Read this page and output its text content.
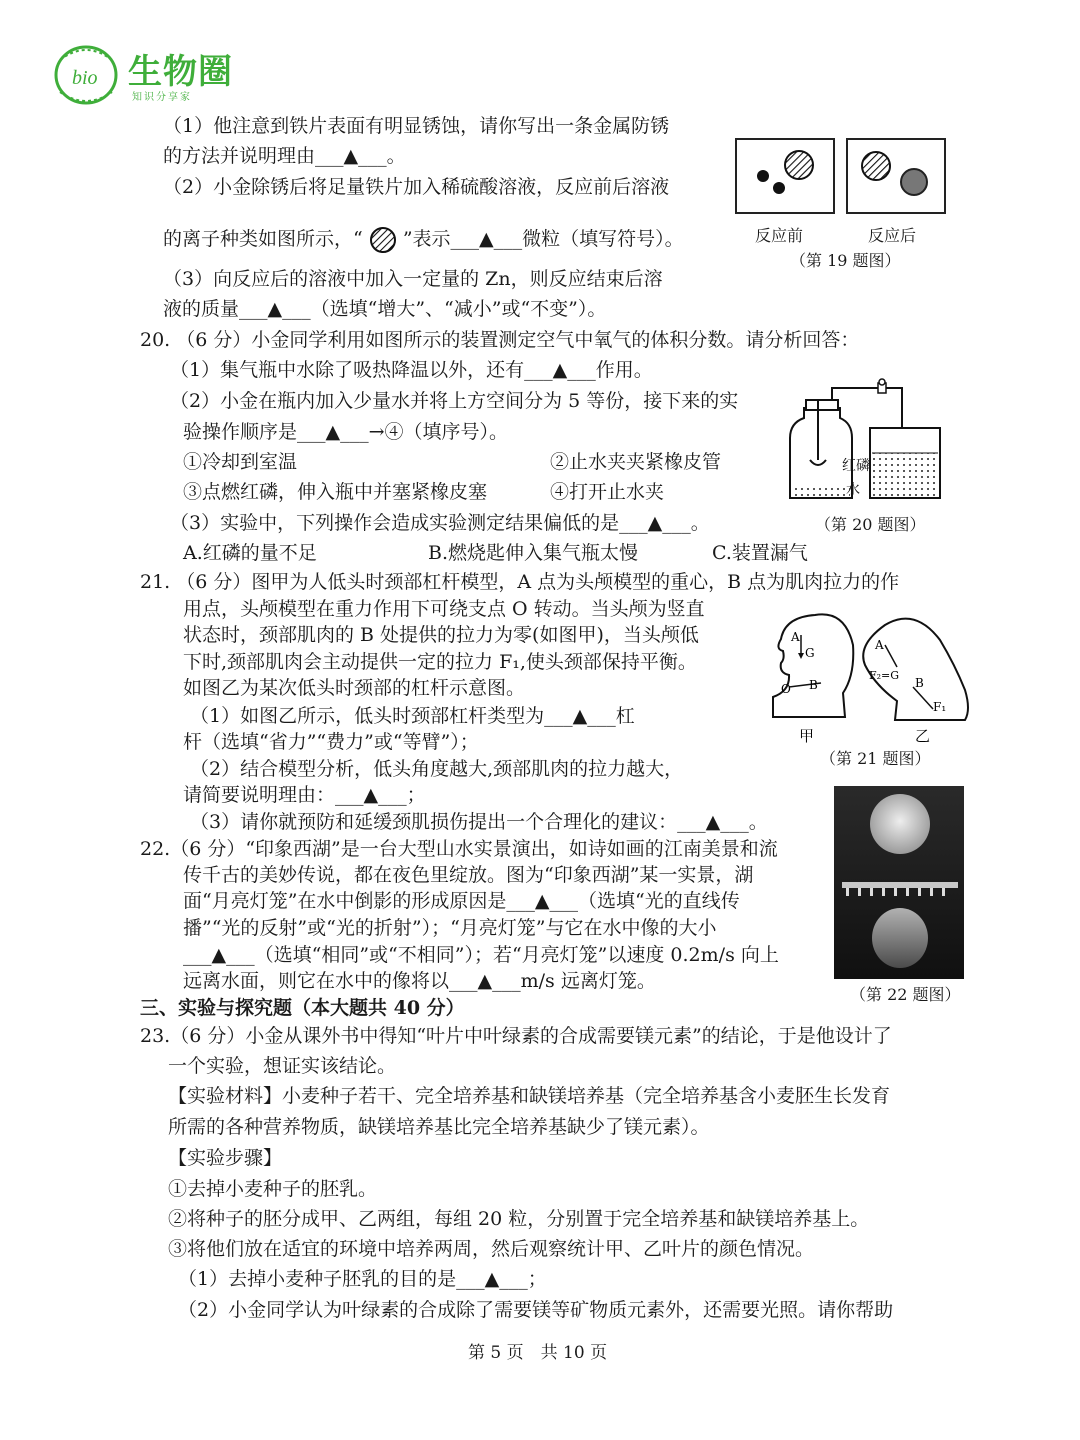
bio 生物圈
知识分享家
（1）他注意到铁片表面有明显锈蚀，请你写出一条金属防锈
的方法并说明理由___▲___。
（2）小金除锈后将足量铁片加入稀硫酸溶液，反应前后溶液
的离子种类如图所示，“ ”表示___▲___微粒（填写符号）。
（3）向反应后的溶液中加入一定量的 Zn，则反应结束后溶
液的质量___▲___（选填“增大”、“减小”或“不变”）。
反应前	反应后
（第 19 题图）
20. （6 分）小金同学利用如图所示的装置测定空气中氧气的体积分数。请分析回答：
（1）集气瓶中水除了吸热降温以外，还有___▲___作用。
（2）小金在瓶内加入少量水并将上方空间分为 5 等份，接下来的实
验操作顺序是___▲___→④（填序号）。
①冷却到室温	②止水夹夹紧橡皮管
③点燃红磷，伸入瓶中并塞紧橡皮塞	④打开止水夹
（3）实验中，下列操作会造成实验测定结果偏低的是___▲___。
A.红磷的量不足	B.燃烧匙伸入集气瓶太慢	C.装置漏气
红磷
水
（第 20 题图）
21. （6 分）图甲为人低头时颈部杠杆模型，A 点为头颅模型的重心，B 点为肌肉拉力的作
用点，头颅模型在重力作用下可绕支点 O 转动。当头颅为竖直
状态时，颈部肌肉的 B 处提供的拉力为零(如图甲)，当头颅低
下时,颈部肌肉会主动提供一定的拉力 F₁,使头颈部保持平衡。
如图乙为某次低头时颈部的杠杆示意图。
（1）如图乙所示，低头时颈部杠杆类型为___▲___杠
杆（选填“省力”“费力”或“等臂”）；
（2）结合模型分析，低头角度越大,颈部肌肉的拉力越大，
请简要说明理由：___▲___；
（3）请你就预防和延缓颈肌损伤提出一个合理化的建议：___▲___。
A
G
O B
A
F₂=G
B
F₁
甲	乙
（第 21 题图）
22.（6 分）“印象西湖”是一台大型山水实景演出，如诗如画的江南美景和流
传千古的美妙传说，都在夜色里绽放。图为“印象西湖”某一实景，湖
面“月亮灯笼”在水中倒影的形成原因是___▲___（选填“光的直线传
播”“光的反射”或“光的折射”）；“月亮灯笼”与它在水中像的大小
___▲___（选填“相同”或“不相同”）；若“月亮灯笼”以速度 0.2m/s 向上
远离水面，则它在水中的像将以___▲___m/s 远离灯笼。
（第 22 题图）
三、实验与探究题（本大题共 40 分）
23.（6 分）小金从课外书中得知“叶片中叶绿素的合成需要镁元素”的结论，于是他设计了
一个实验，想证实该结论。
【实验材料】小麦种子若干、完全培养基和缺镁培养基（完全培养基含小麦胚生长发育
所需的各种营养物质，缺镁培养基比完全培养基缺少了镁元素）。
【实验步骤】
①去掉小麦种子的胚乳。
②将种子的胚分成甲、乙两组，每组 20 粒，分别置于完全培养基和缺镁培养基上。
③将他们放在适宜的环境中培养两周，然后观察统计甲、乙叶片的颜色情况。
（1）去掉小麦种子胚乳的目的是___▲___；
（2）小金同学认为叶绿素的合成除了需要镁等矿物质元素外，还需要光照。请你帮助
第 5 页　共 10 页
